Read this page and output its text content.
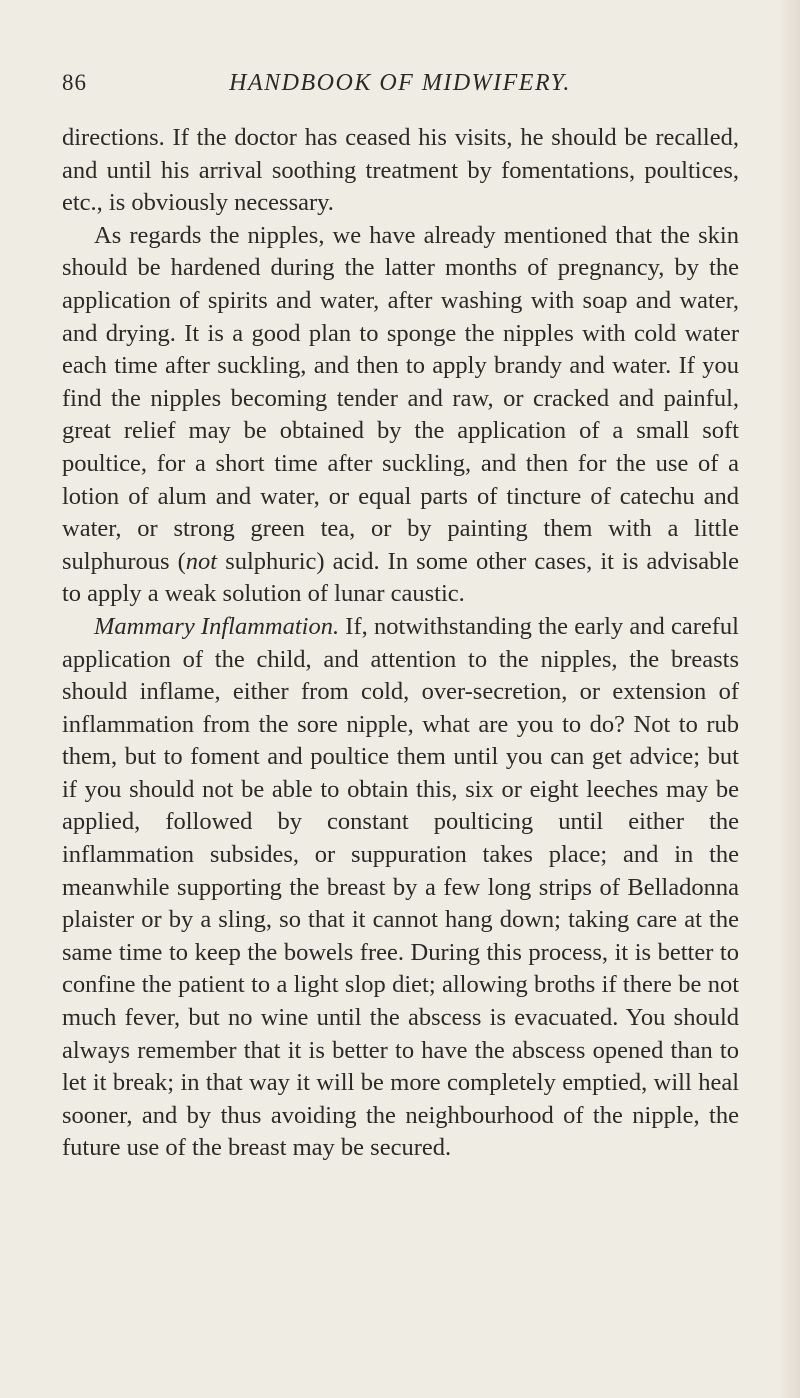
86	HANDBOOK OF MIDWIFERY.

directions. If the doctor has ceased his visits, he should be recalled, and until his arrival soothing treatment by fomentations, poultices, etc., is obviously necessary.

As regards the nipples, we have already mentioned that the skin should be hardened during the latter months of pregnancy, by the application of spirits and water, after washing with soap and water, and drying. It is a good plan to sponge the nipples with cold water each time after suckling, and then to apply brandy and water. If you find the nipples becoming tender and raw, or cracked and painful, great relief may be obtained by the application of a small soft poultice, for a short time after suckling, and then for the use of a lotion of alum and water, or equal parts of tincture of catechu and water, or strong green tea, or by painting them with a little sulphurous (not sulphuric) acid. In some other cases, it is advisable to apply a weak solution of lunar caustic.

Mammary Inflammation. If, notwithstanding the early and careful application of the child, and attention to the nipples, the breasts should inflame, either from cold, over-secretion, or extension of inflammation from the sore nipple, what are you to do? Not to rub them, but to foment and poultice them until you can get advice; but if you should not be able to obtain this, six or eight leeches may be applied, followed by constant poulticing until either the inflammation subsides, or suppuration takes place; and in the meanwhile supporting the breast by a few long strips of Belladonna plaister or by a sling, so that it cannot hang down; taking care at the same time to keep the bowels free. During this process, it is better to confine the patient to a light slop diet; allowing broths if there be not much fever, but no wine until the abscess is evacuated. You should always remember that it is better to have the abscess opened than to let it break; in that way it will be more completely emptied, will heal sooner, and by thus avoiding the neighbourhood of the nipple, the future use of the breast may be secured.
